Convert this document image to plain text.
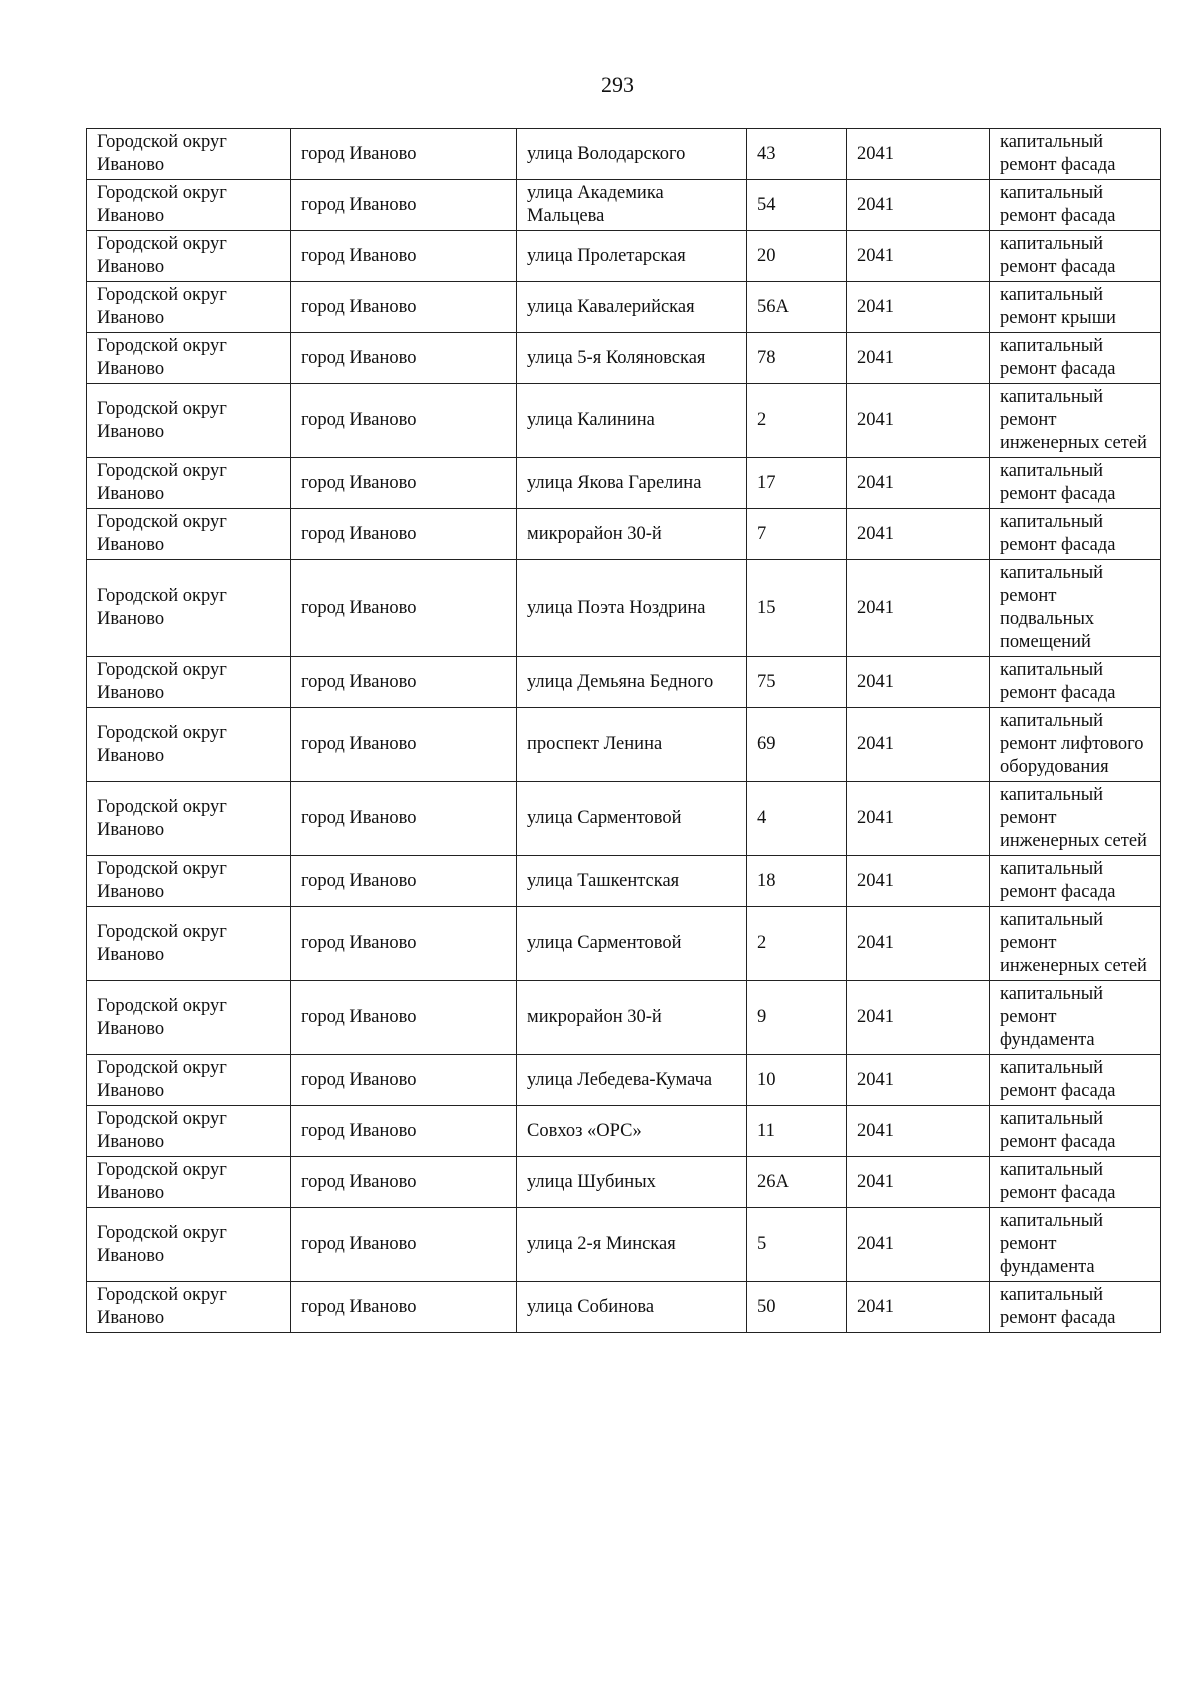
293
Городской округ Иваново	город Иваново	улица Володарского	43	2041	капитальный ремонт фасада
Городской округ Иваново	город Иваново	улица Академика Мальцева	54	2041	капитальный ремонт фасада
Городской округ Иваново	город Иваново	улица Пролетарская	20	2041	капитальный ремонт фасада
Городской округ Иваново	город Иваново	улица Кавалерийская	56А	2041	капитальный ремонт крыши
Городской округ Иваново	город Иваново	улица 5-я Коляновская	78	2041	капитальный ремонт фасада
Городской округ Иваново	город Иваново	улица Калинина	2	2041	капитальный ремонт инженерных сетей
Городской округ Иваново	город Иваново	улица Якова Гарелина	17	2041	капитальный ремонт фасада
Городской округ Иваново	город Иваново	микрорайон 30-й	7	2041	капитальный ремонт фасада
Городской округ Иваново	город Иваново	улица Поэта Ноздрина	15	2041	капитальный ремонт подвальных помещений
Городской округ Иваново	город Иваново	улица Демьяна Бедного	75	2041	капитальный ремонт фасада
Городской округ Иваново	город Иваново	проспект Ленина	69	2041	капитальный ремонт лифтового оборудования
Городской округ Иваново	город Иваново	улица Сарментовой	4	2041	капитальный ремонт инженерных сетей
Городской округ Иваново	город Иваново	улица Ташкентская	18	2041	капитальный ремонт фасада
Городской округ Иваново	город Иваново	улица Сарментовой	2	2041	капитальный ремонт инженерных сетей
Городской округ Иваново	город Иваново	микрорайон 30-й	9	2041	капитальный ремонт фундамента
Городской округ Иваново	город Иваново	улица Лебедева-Кумача	10	2041	капитальный ремонт фасада
Городской округ Иваново	город Иваново	Совхоз «ОРС»	11	2041	капитальный ремонт фасада
Городской округ Иваново	город Иваново	улица Шубиных	26А	2041	капитальный ремонт фасада
Городской округ Иваново	город Иваново	улица 2-я Минская	5	2041	капитальный ремонт фундамента
Городской округ Иваново	город Иваново	улица Собинова	50	2041	капитальный ремонт фасада
